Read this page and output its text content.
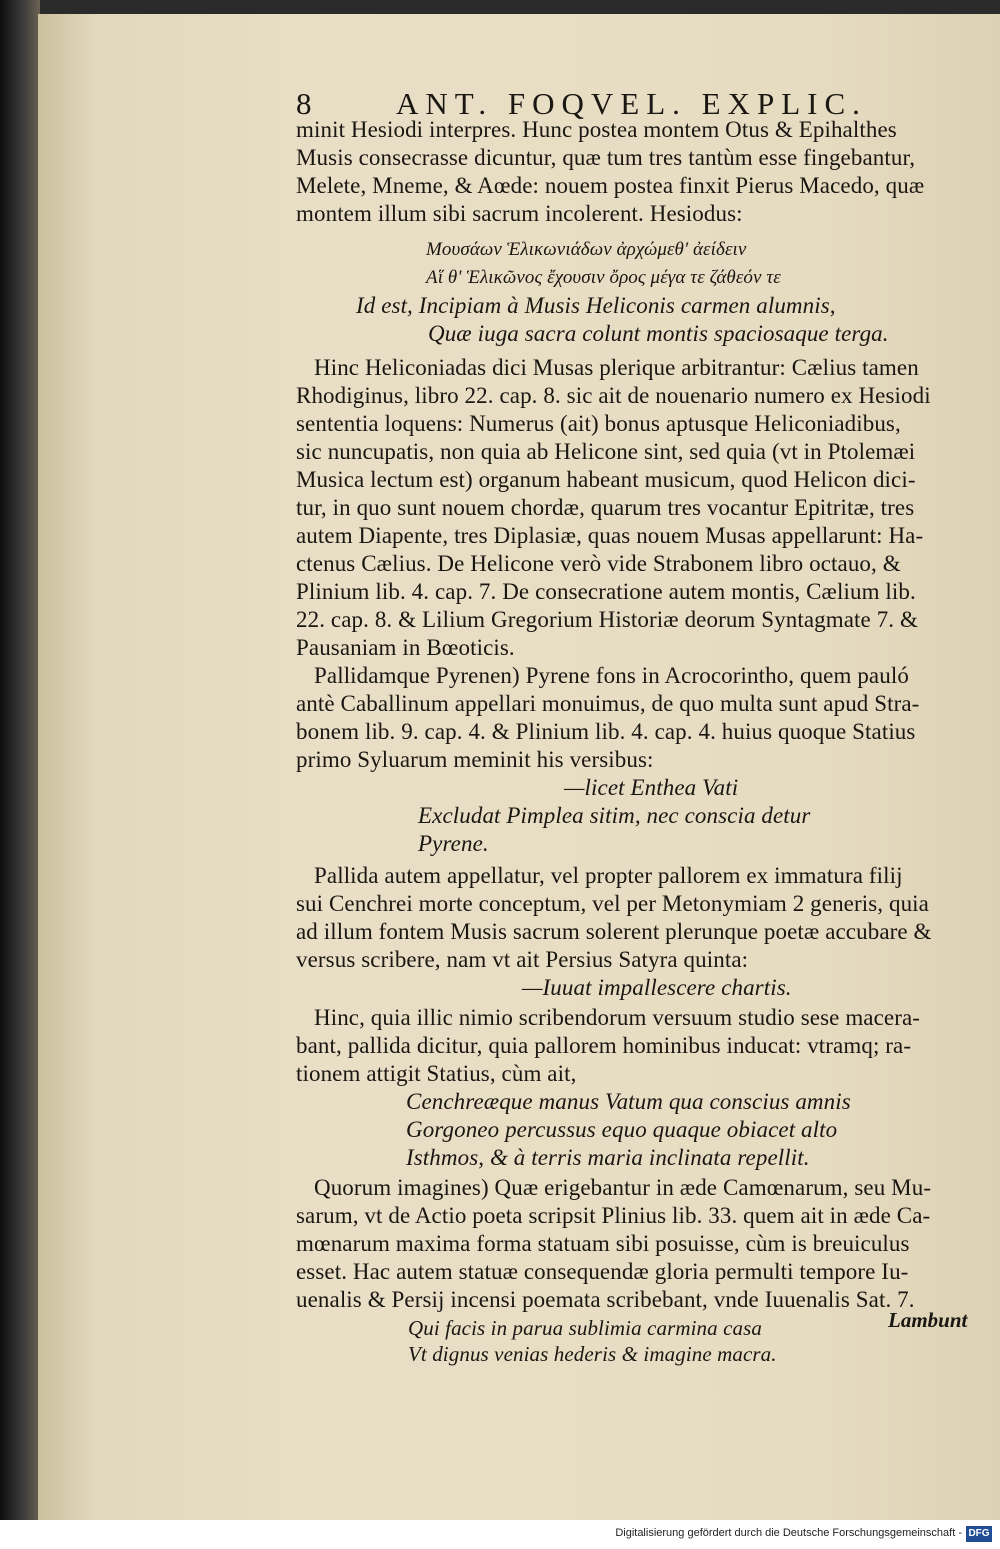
8	ANT. FOQVEL. EXPLIC.
minit Hesiodi interpres. Hunc postea montem Otus & Epihalthes
Musis consecrasse dicuntur, quæ tum tres tantùm esse fingebantur,
Melete, Mneme, & Aœde: nouem postea finxit Pierus Macedo, quæ
montem illum sibi sacrum incolerent. Hesiodus:
Μουσάων Ἑλικωνιάδων ἀρχώμεθ' ἀείδειν
Αἵ θ' Ἑλικῶνος ἔχουσιν ὄρος μέγα τε ζάθεόν τε
Id est, Incipiam à Musis Heliconis carmen alumnis,
Quæ iuga sacra colunt montis spaciosaque terga.
Hinc Heliconiadas dici Musas plerique arbitrantur: Cælius tamen
Rhodiginus, libro 22. cap. 8. sic ait de nouenario numero ex Hesiodi
sententia loquens: Numerus (ait) bonus aptusque Heliconiadibus,
sic nuncupatis, non quia ab Helicone sint, sed quia (vt in Ptolemæi
Musica lectum est) organum habeant musicum, quod Helicon dici-
tur, in quo sunt nouem chordæ, quarum tres vocantur Epitritæ, tres
autem Diapente, tres Diplasiæ, quas nouem Musas appellarunt: Ha-
ctenus Cælius. De Helicone verò vide Strabonem libro octauo, &
Plinium lib. 4. cap. 7. De consecratione autem montis, Cælium lib.
22. cap. 8. & Lilium Gregorium Historiæ deorum Syntagmate 7. &
Pausaniam in Bœoticis.
Pallidamque Pyrenen) Pyrene fons in Acrocorintho, quem pauló
antè Caballinum appellari monuimus, de quo multa sunt apud Stra-
bonem lib. 9. cap. 4. & Plinium lib. 4. cap. 4. huius quoque Statius
primo Syluarum meminit his versibus:
—licet Enthea Vati
Excludat Pimplea sitim, nec conscia detur
Pyrene.
Pallida autem appellatur, vel propter pallorem ex immatura filij
sui Cenchrei morte conceptum, vel per Metonymiam 2 generis, quia
ad illum fontem Musis sacrum solerent plerunque poetæ accubare &
versus scribere, nam vt ait Persius Satyra quinta:
—Iuuat impallescere chartis.
Hinc, quia illic nimio scribendorum versuum studio sese macera-
bant, pallida dicitur, quia pallorem hominibus inducat: vtramq; ra-
tionem attigit Statius, cùm ait,
Cenchreæque manus Vatum qua conscius amnis
Gorgoneo percussus equo quaque obiacet alto
Isthmos, & à terris maria inclinata repellit.
Quorum imagines) Quæ erigebantur in æde Camœnarum, seu Mu-
sarum, vt de Actio poeta scripsit Plinius lib. 33. quem ait in æde Ca-
mœnarum maxima forma statuam sibi posuisse, cùm is breuiculus
esset. Hac autem statuæ consequendæ gloria permulti tempore Iu-
uenalis & Persij incensi poemata scribebant, vnde Iuuenalis Sat. 7.
Qui facis in parua sublimia carmina casa
Vt dignus venias hederis & imagine macra.
Lambunt
Digitalisierung gefördert durch die Deutsche Forschungsgemeinschaft - DFG
